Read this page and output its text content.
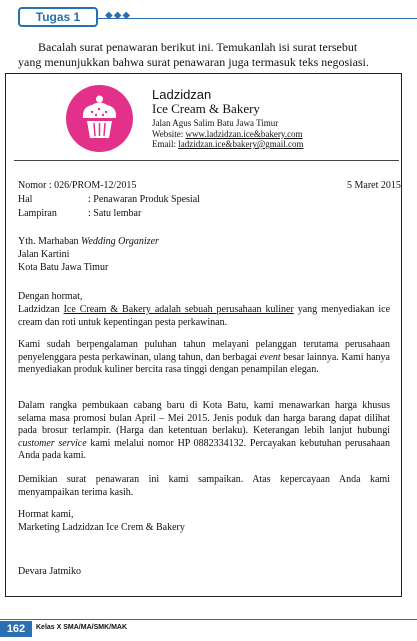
Tugas 1	◆◆◆
Bacalah surat penawaran berikut ini. Temukanlah isi surat tersebut
yang menunjukkan bahwa surat penawaran juga termasuk teks negosiasi.
Ladzidzan
Ice Cream & Bakery
Jalan Agus Salim Batu Jawa Timur
Website: www.ladzidzan.ice&bakery.com
Email: ladzidzan.ice&bakery@gmail.com
Nomor : 026/PROM-12/2015	5 Maret 2015
Hal	: Penawaran Produk Spesial
Lampiran	: Satu lembar
Yth. Marhaban Wedding Organizer
Jalan Kartini
Kota Batu Jawa Timur
Dengan hormat,
Ladzidzan Ice Cream & Bakery adalah sebuah perusahaan kuliner yang menyediakan ice cream dan roti untuk kepentingan pesta perkawinan.
Kami sudah berpengalaman puluhan tahun melayani pelanggan terutama perusahaan penyelenggara pesta perkawinan, ulang tahun, dan berbagai event besar lainnya. Kami hanya menyediakan produk kuliner bercita rasa tinggi dengan penampilan elegan.
Dalam rangka pembukaan cabang baru di Kota Batu, kami menawarkan harga khusus selama masa promosi bulan April – Mei 2015. Jenis poduk dan harga barang dapat dilihat pada brosur terlampir. (Harga dan ketentuan berlaku). Keterangan lebih lanjut hubungi customer service kami melalui nomor HP 0882334132. Percayakan kebutuhan perusahaan Anda pada kami.
Demikian surat penawaran ini kami sampaikan. Atas kepercayaan Anda kami menyampaikan terima kasih.
Hormat kami,
Marketing Ladzidzan Ice Crem & Bakery
Devara Jatmiko
162	Kelas X SMA/MA/SMK/MAK
